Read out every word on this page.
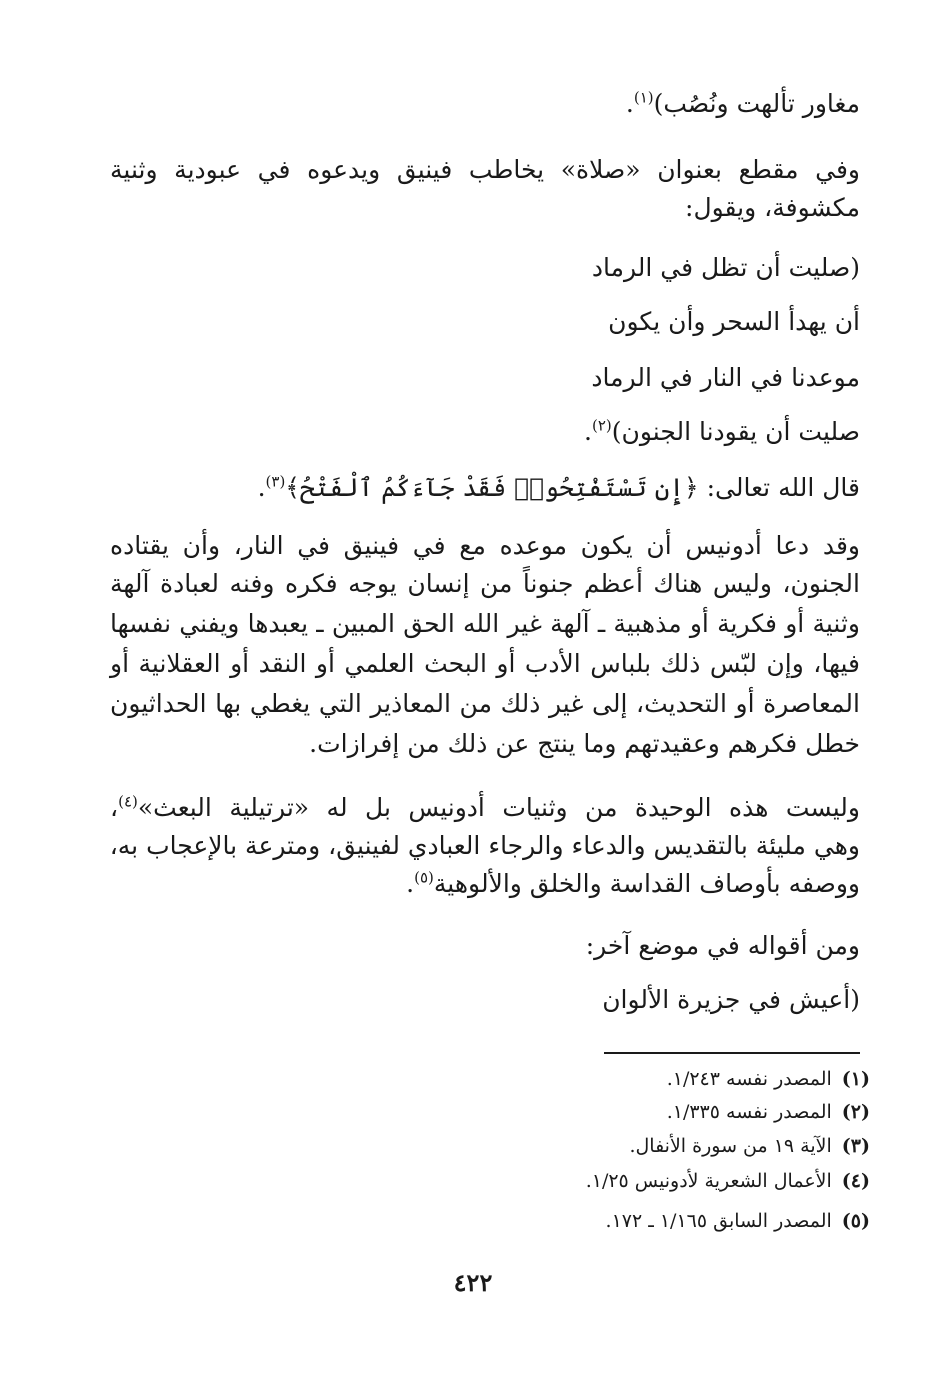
مغاور تألهت ونُصُب)$^{(١)}$.

وفي مقطع بعنوان «صلاة» يخاطب فينيق ويدعوه في عبودية وثنية

مكشوفة، ويقول:

(صليت أن تظل في الرماد

أن يهدأ السحر وأن يكون

موعدنا في النار في الرماد

صليت أن يقودنا الجنون)$^{(٢)}$.

قال الله تعالى: ﴿إِن تَسْتَفْتِحُوا۟ فَقَدْ جَآءَكُمُ ٱلْفَتْحُ﴾$^{(٣)}$.

وقد دعا أدونيس أن يكون موعده مع في فينيق في النار، وأن يقتاده

الجنون، وليس هناك أعظم جنوناً من إنسان يوجه فكره وفنه لعبادة آلهة

وثنية أو فكرية أو مذهبية ـ آلهة غير الله الحق المبين ـ يعبدها ويفني نفسها

فيها، وإن لبّس ذلك بلباس الأدب أو البحث العلمي أو النقد أو العقلانية أو

المعاصرة أو التحديث، إلى غير ذلك من المعاذير التي يغطي بها الحداثيون

خطل فكرهم وعقيدتهم وما ينتج عن ذلك من إفرازات.

وليست هذه الوحيدة من وثنيات أدونيس بل له «ترتيلية البعث»$^{(٤)}$،

وهي مليئة بالتقديس والدعاء والرجاء العبادي لفينيق، ومترعة بالإعجاب به،

ووصفه بأوصاف القداسة والخلق والألوهية$^{(٥)}$.

ومن أقواله في موضع آخر:

(أعيش في جزيرة الألوان

(١)المصدر نفسه ١/٢٤٣.
(٢)المصدر نفسه ١/٣٣٥.
(٣)الآية ١٩ من سورة الأنفال.
(٤)الأعمال الشعرية لأدونيس ١/٢٥.
(٥)المصدر السابق ١/١٦٥ ـ ١٧٢.
٤٢٢
